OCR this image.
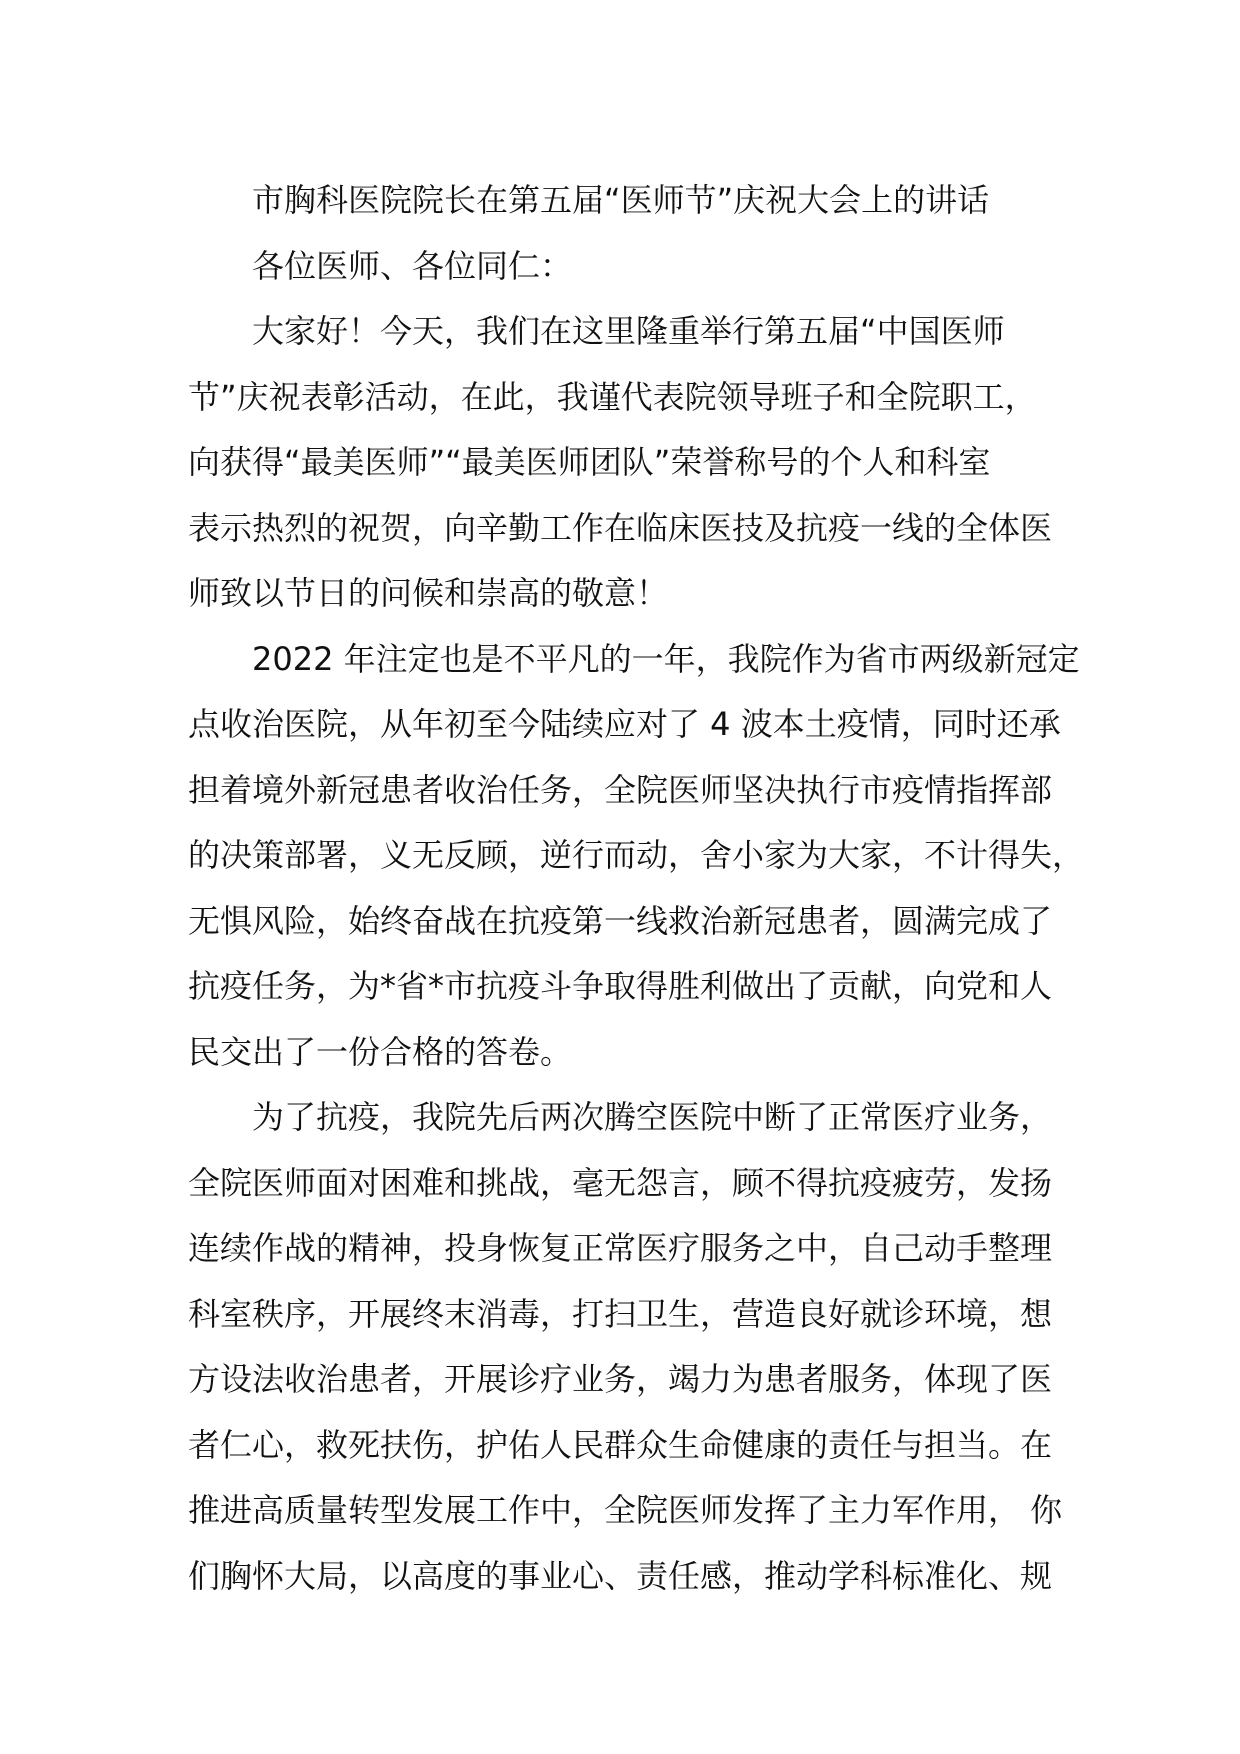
市胸科医院院长在第五届“医师节”庆祝大会上的讲话
各位医师、各位同仁：
大家好！今天，我们在这里隆重举行第五届“中国医师
节”庆祝表彰活动，在此，我谨代表院领导班子和全院职工，
向获得“最美医师”“最美医师团队”荣誉称号的个人和科室
表示热烈的祝贺，向辛勤工作在临床医技及抗疫一线的全体医
师致以节日的问候和崇高的敬意！
2022 年注定也是不平凡的一年，我院作为省市两级新冠定
点收治医院，从年初至今陆续应对了 4 波本土疫情，同时还承
担着境外新冠患者收治任务，全院医师坚决执行市疫情指挥部
的决策部署，义无反顾，逆行而动，舍小家为大家，不计得失，
无惧风险，始终奋战在抗疫第一线救治新冠患者，圆满完成了
抗疫任务，为*省*市抗疫斗争取得胜利做出了贡献，向党和人
民交出了一份合格的答卷。
为了抗疫，我院先后两次腾空医院中断了正常医疗业务，
全院医师面对困难和挑战，毫无怨言，顾不得抗疫疲劳，发扬
连续作战的精神，投身恢复正常医疗服务之中，自己动手整理
科室秩序，开展终末消毒，打扫卫生，营造良好就诊环境，想
方设法收治患者，开展诊疗业务，竭力为患者服务，体现了医
者仁心，救死扶伤，护佑人民群众生命健康的责任与担当。在
推进高质量转型发展工作中，全院医师发挥了主力军作用， 你
们胸怀大局，以高度的事业心、责任感，推动学科标准化、规
